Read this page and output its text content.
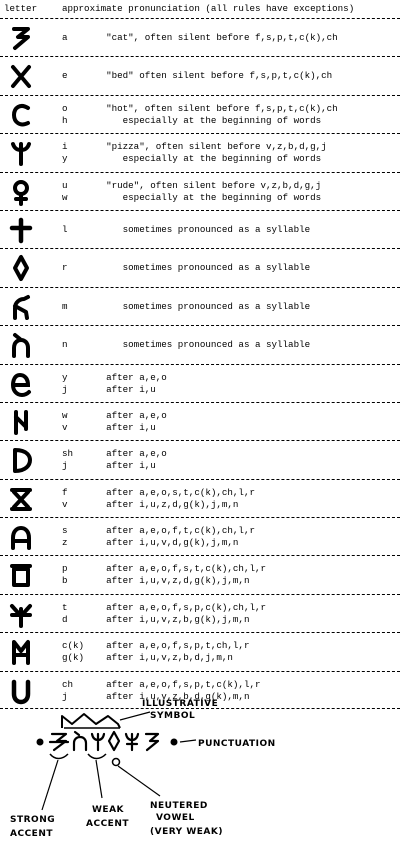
letter	approximate pronunciation (all rules have exceptions)
a       "cat", often silent before f,s,p,t,c(k),ch
e       "bed" often silent before f,s,p,t,c(k),ch
o       "hot", often silent before f,s,p,t,c(k),ch
h          especially at the beginning of words
i       "pizza", often silent before v,z,b,d,g,j
y          especially at the beginning of words
u       "rude", often silent before v,z,b,d,g,j
w          especially at the beginning of words
l          sometimes pronounced as a syllable
r          sometimes pronounced as a syllable
m          sometimes pronounced as a syllable
n          sometimes pronounced as a syllable
y       after a,e,o
j       after i,u
w       after a,e,o
v       after i,u
sh      after a,e,o
j       after i,u
f       after a,e,o,s,t,c(k),ch,l,r
v       after i,u,z,d,g(k),j,m,n
s       after a,e,o,f,t,c(k),ch,l,r
z       after i,u,v,d,g(k),j,m,n
p       after a,e,o,f,s,t,c(k),ch,l,r
b       after i,u,v,z,d,g(k),j,m,n
t       after a,e,o,f,s,p,c(k),ch,l,r
d       after i,u,v,z,b,g(k),j,m,n
c(k)    after a,e,o,f,s,p,t,ch,l,r
g(k)    after i,u,v,z,b,d,j,m,n
ch      after a,e,o,f,s,p,t,c(k),l,r
j       after i,u,v,z,b,d,g(k),m,n
ILLUSTRATIVE
SYMBOL
PUNCTUATION
STRONG
ACCENT
WEAK
ACCENT
NEUTERED
VOWEL
(VERY WEAK)
